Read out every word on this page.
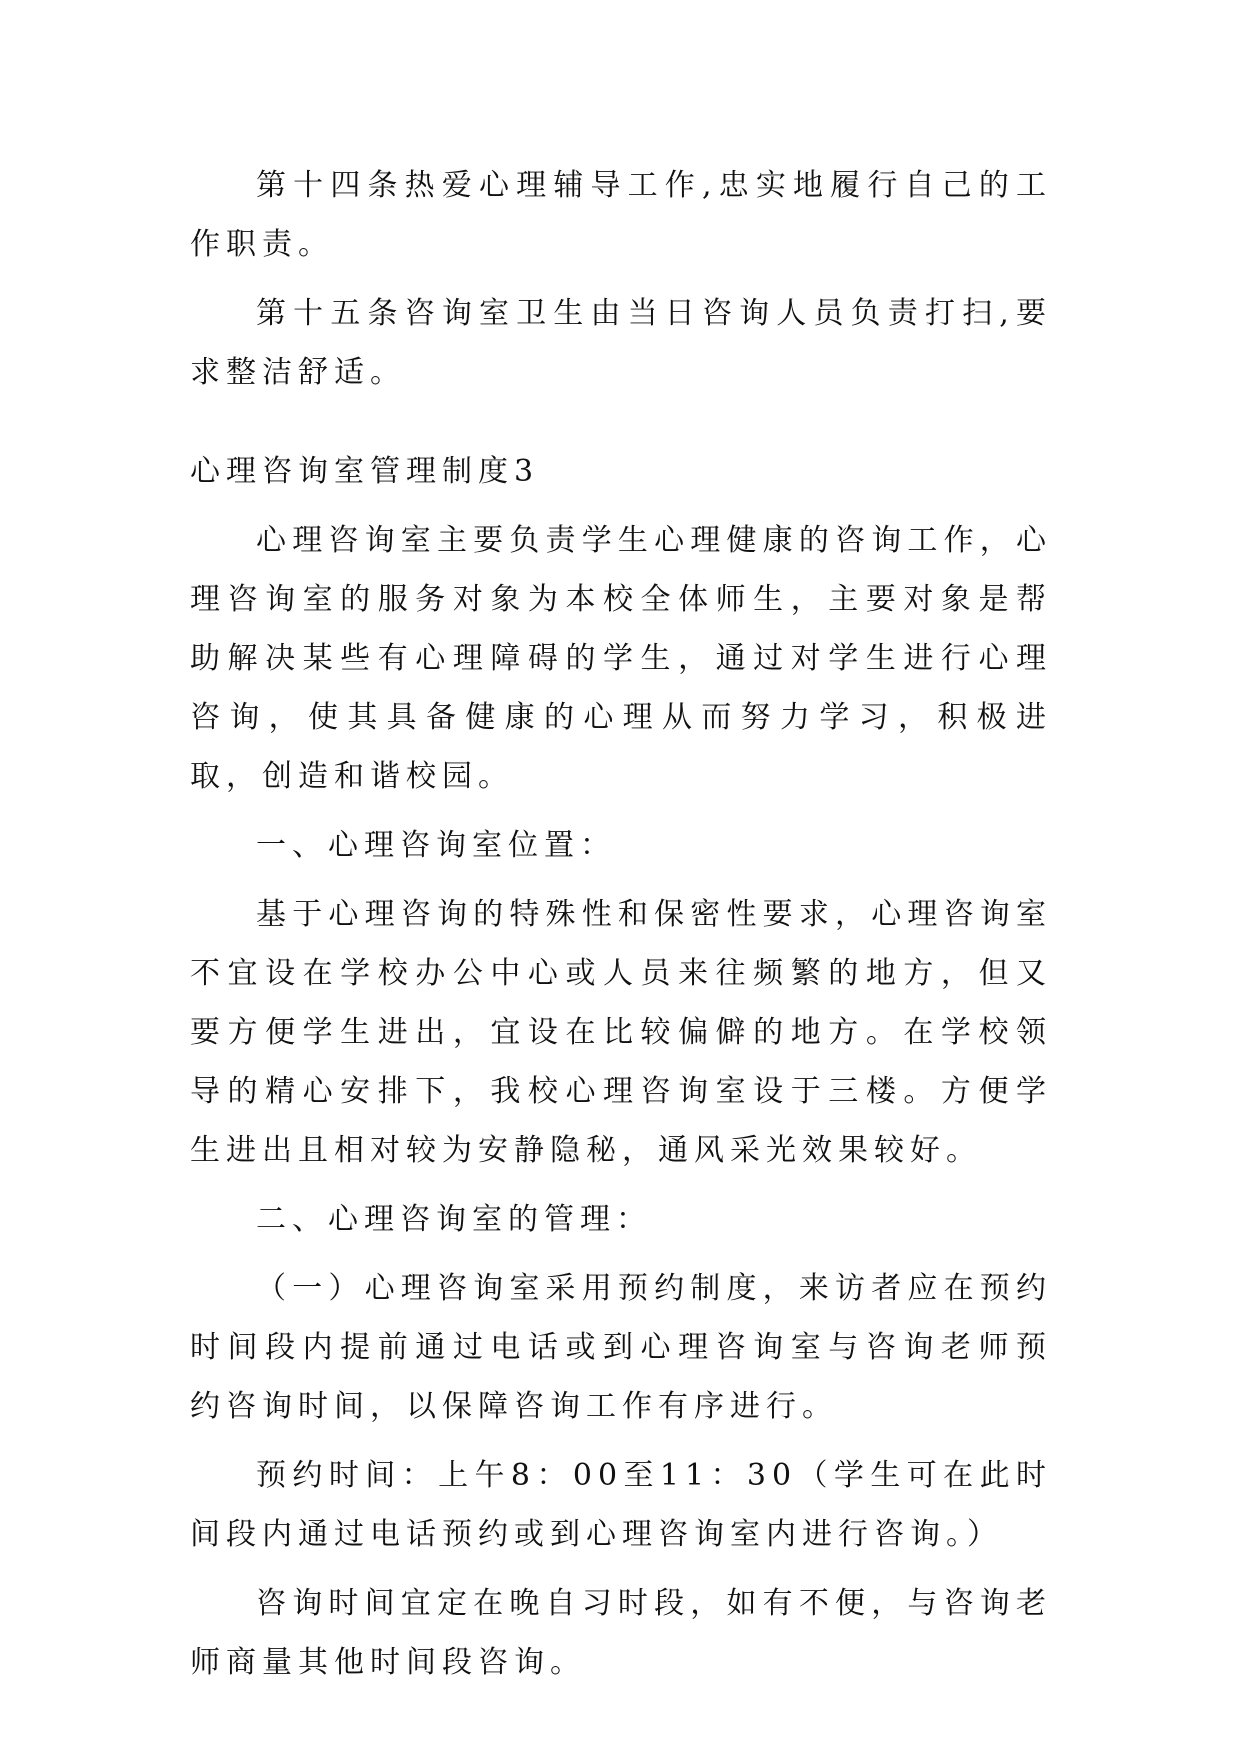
第十四条热爱心理辅导工作,忠实地履行自己的工作职责。

第十五条咨询室卫生由当日咨询人员负责打扫,要求整洁舒适。

心理咨询室管理制度3

心理咨询室主要负责学生心理健康的咨询工作，心理咨询室的服务对象为本校全体师生，主要对象是帮助解决某些有心理障碍的学生，通过对学生进行心理咨询，使其具备健康的心理从而努力学习，积极进取，创造和谐校园。

一、心理咨询室位置：

基于心理咨询的特殊性和保密性要求，心理咨询室不宜设在学校办公中心或人员来往频繁的地方，但又要方便学生进出，宜设在比较偏僻的地方。在学校领导的精心安排下，我校心理咨询室设于三楼。方便学生进出且相对较为安静隐秘，通风采光效果较好。

二、心理咨询室的管理：

（一）心理咨询室采用预约制度，来访者应在预约时间段内提前通过电话或到心理咨询室与咨询老师预约咨询时间，以保障咨询工作有序进行。

预约时间：上午8：00至11：30（学生可在此时间段内通过电话预约或到心理咨询室内进行咨询。）

咨询时间宜定在晚自习时段，如有不便，与咨询老师商量其他时间段咨询。
